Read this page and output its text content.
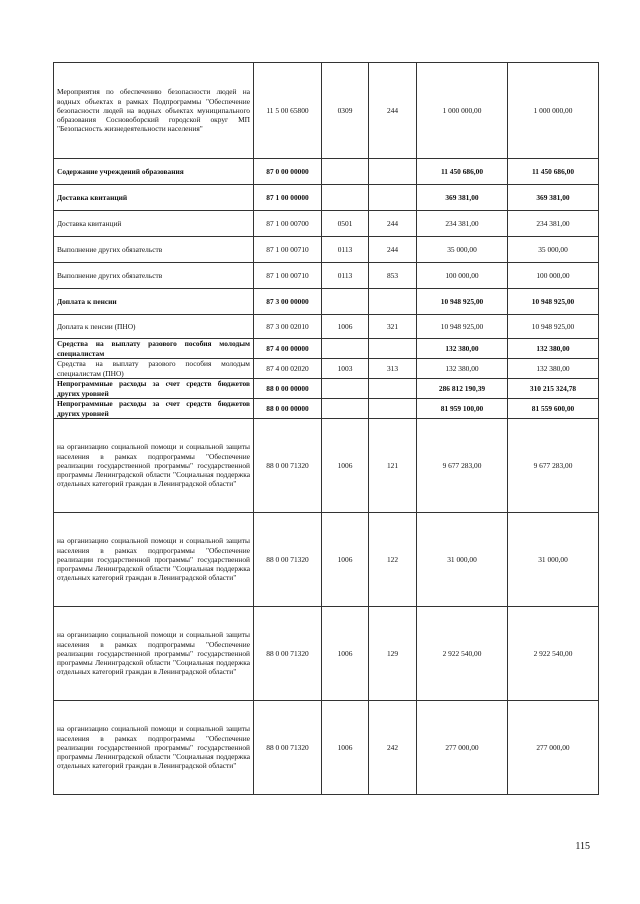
Мероприятия по обеспечению безопасности людей на водных объектах в рамках Подпрограммы "Обеспечение безопасности людей на водных объектах муниципального образования Сосновоборский городской округ МП "Безопасность жизнедеятельности населения"	11 5 00 65800	0309	244	1 000 000,00	1 000 000,00
Содержание учреждений образования	87 0 00 00000			11 450 686,00	11 450 686,00
Доставка квитанций	87 1 00 00000			369 381,00	369 381,00
Доставка квитанций	87 1 00 00700	0501	244	234 381,00	234 381,00
Выполнение других обязательств	87 1 00 00710	0113	244	35 000,00	35 000,00
Выполнение других обязательств	87 1 00 00710	0113	853	100 000,00	100 000,00
Доплата к пенсии	87 3 00 00000			10 948 925,00	10 948 925,00
Доплата к пенсии (ПНО)	87 3 00 02010	1006	321	10 948 925,00	10 948 925,00
Средства на выплату разового пособия молодым специалистам	87 4 00 00000			132 380,00	132 380,00
Средства на выплату разового пособия молодым специалистам (ПНО)	87 4 00 02020	1003	313	132 380,00	132 380,00
Непрограммные расходы за счет средств бюджетов других уровней	88 0 00 00000			286 812 190,39	310 215 324,78
Непрограммные расходы за счет средств бюджетов других уровней	88 0 00 00000			81 959 100,00	81 559 600,00
на организацию социальной помощи и социальной защиты населения в рамках подпрограммы "Обеспечение реализации государственной программы" государственной программы Ленинградской области "Социальная поддержка отдельных категорий граждан в Ленинградской области"	88 0 00 71320	1006	121	9 677 283,00	9 677 283,00
на организацию социальной помощи и социальной защиты населения в рамках подпрограммы "Обеспечение реализации государственной программы" государственной программы Ленинградской области "Социальная поддержка отдельных категорий граждан в Ленинградской области"	88 0 00 71320	1006	122	31 000,00	31 000,00
на организацию социальной помощи и социальной защиты населения в рамках подпрограммы "Обеспечение реализации государственной программы" государственной программы Ленинградской области "Социальная поддержка отдельных категорий граждан в Ленинградской области"	88 0 00 71320	1006	129	2 922 540,00	2 922 540,00
на организацию социальной помощи и социальной защиты населения в рамках подпрограммы "Обеспечение реализации государственной программы" государственной программы Ленинградской области "Социальная поддержка отдельных категорий граждан в Ленинградской области"	88 0 00 71320	1006	242	277 000,00	277 000,00
115
